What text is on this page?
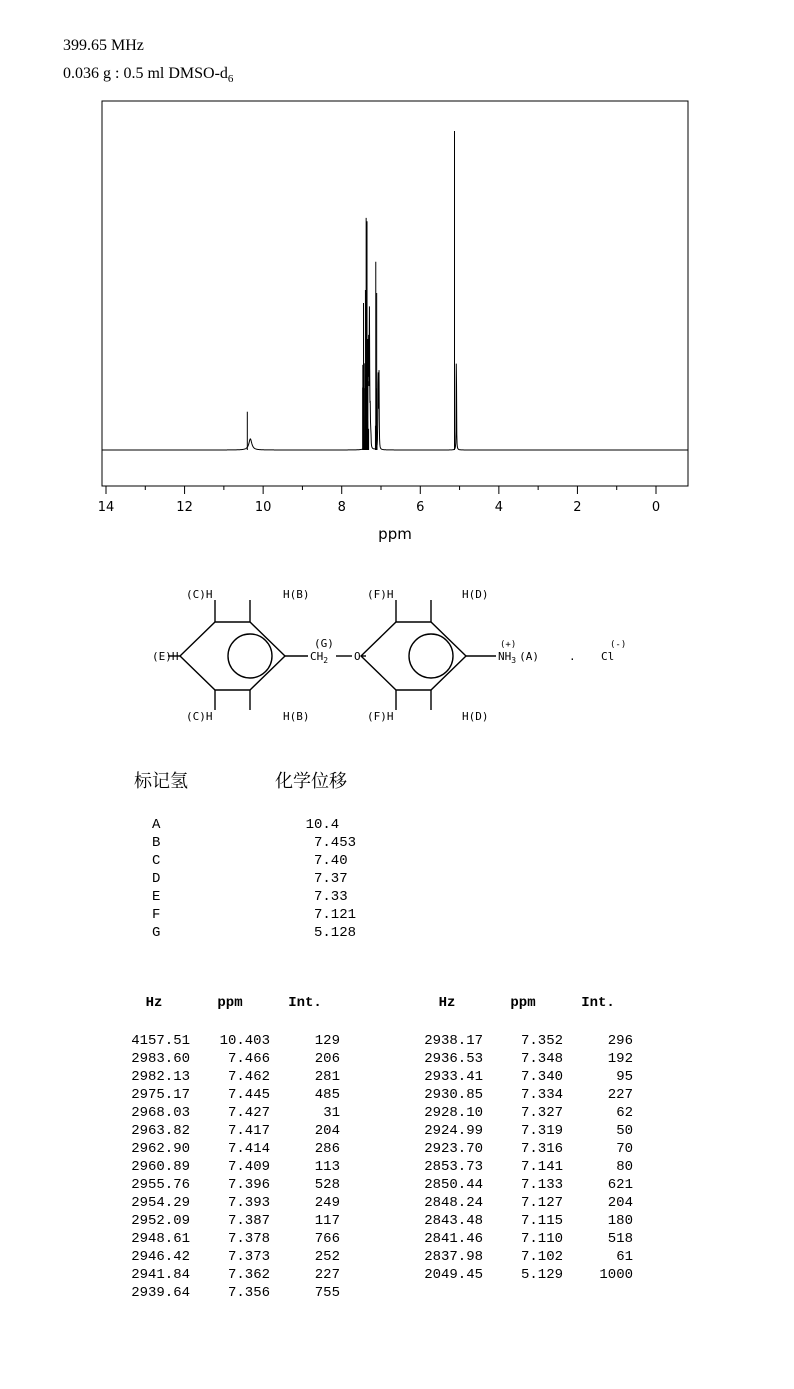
399.65 MHz
0.036 g : 0.5 ml DMSO-$d_6$
14	12	10	8	6	4	2	0
ppm
(C)H	H(B)	(F)H	H(D)
(E)H
(G)
$CH_2$ O
(+)
$NH_3$ (A)	.
(-)
Cl
(C)H	H(B)	(F)H	H(D)
标记氢	化学位移
A	10.4
B	7.453
C	7.40
D	7.37
E	7.33
F	7.121
G	5.128
Hz	ppm	Int.
4157.51	10.403	129
2983.60	7.466	206
2982.13	7.462	281
2975.17	7.445	485
2968.03	7.427	31
2963.82	7.417	204
2962.90	7.414	286
2960.89	7.409	113
2955.76	7.396	528
2954.29	7.393	249
2952.09	7.387	117
2948.61	7.378	766
2946.42	7.373	252
2941.84	7.362	227
2939.64	7.356	755
Hz	ppm	Int.
2938.17	7.352	296
2936.53	7.348	192
2933.41	7.340	95
2930.85	7.334	227
2928.10	7.327	62
2924.99	7.319	50
2923.70	7.316	70
2853.73	7.141	80
2850.44	7.133	621
2848.24	7.127	204
2843.48	7.115	180
2841.46	7.110	518
2837.98	7.102	61
2049.45	5.129	1000
